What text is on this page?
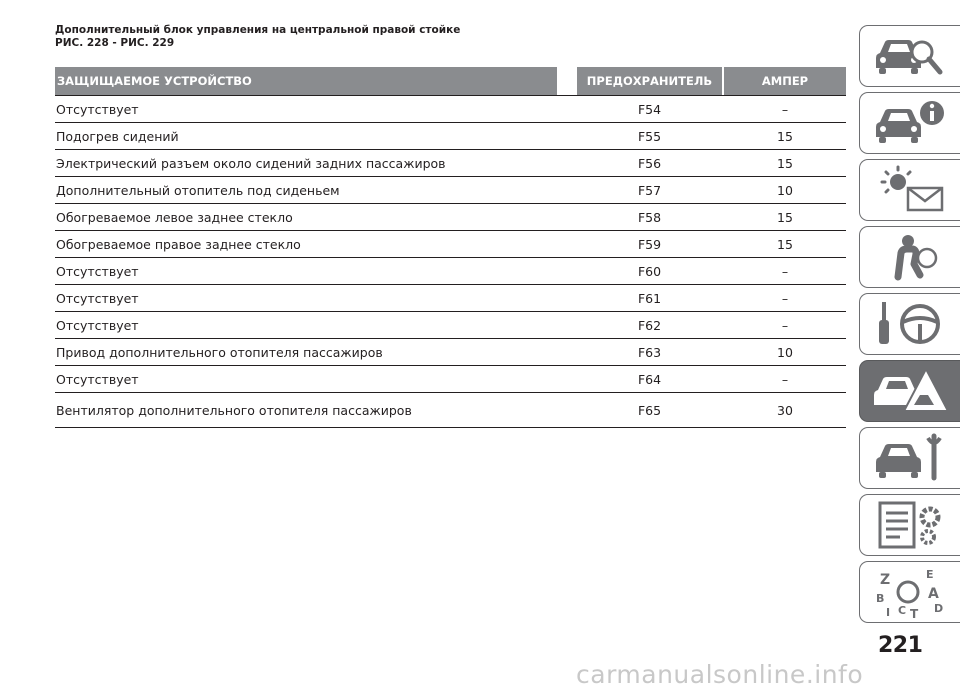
Дополнительный блок управления на центральной правой стойке
РИС. 228 - РИС. 229
ЗАЩИЩАЕМОЕ УСТРОЙСТВО	ПРЕДОХРАНИТЕЛЬ	АМПЕР
Отсутствует	F54	–
Подогрев сидений	F55	15
Электрический разъем около сидений задних пассажиров	F56	15
Дополнительный отопитель под сиденьем	F57	10
Обогреваемое левое заднее стекло	F58	15
Обогреваемое правое заднее стекло	F59	15
Отсутствует	F60	–
Отсутствует	F61	–
Отсутствует	F62	–
Привод дополнительного отопителя пассажиров	F63	10
Отсутствует	F64	–
Вентилятор дополнительного отопителя пассажиров	F65	30
Z	E
B	A
I C T D
221
carmanualsonline.info
